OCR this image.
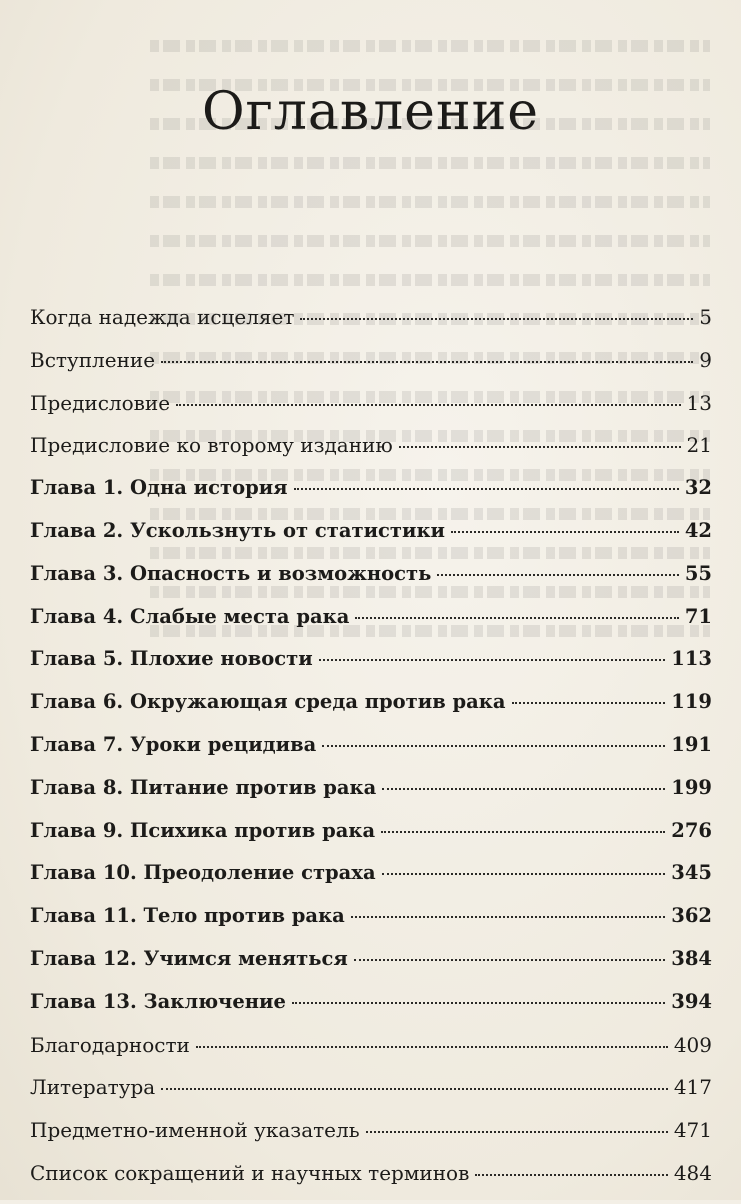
Оглавление
Когда надежда исцеляет	5
Вступление	9
Предисловие	13
Предисловие ко второму изданию	21
Глава 1. Одна история	32
Глава 2. Ускользнуть от статистики	42
Глава 3. Опасность и возможность	55
Глава 4. Слабые места рака	71
Глава 5. Плохие новости	113
Глава 6. Окружающая среда против рака	119
Глава 7. Уроки рецидива	191
Глава 8. Питание против рака	199
Глава 9. Психика против рака	276
Глава 10. Преодоление страха	345
Глава 11. Тело против рака	362
Глава 12. Учимся меняться	384
Глава 13. Заключение	394
Благодарности	409
Литература	417
Предметно-именной указатель	471
Список сокращений и научных терминов	484
